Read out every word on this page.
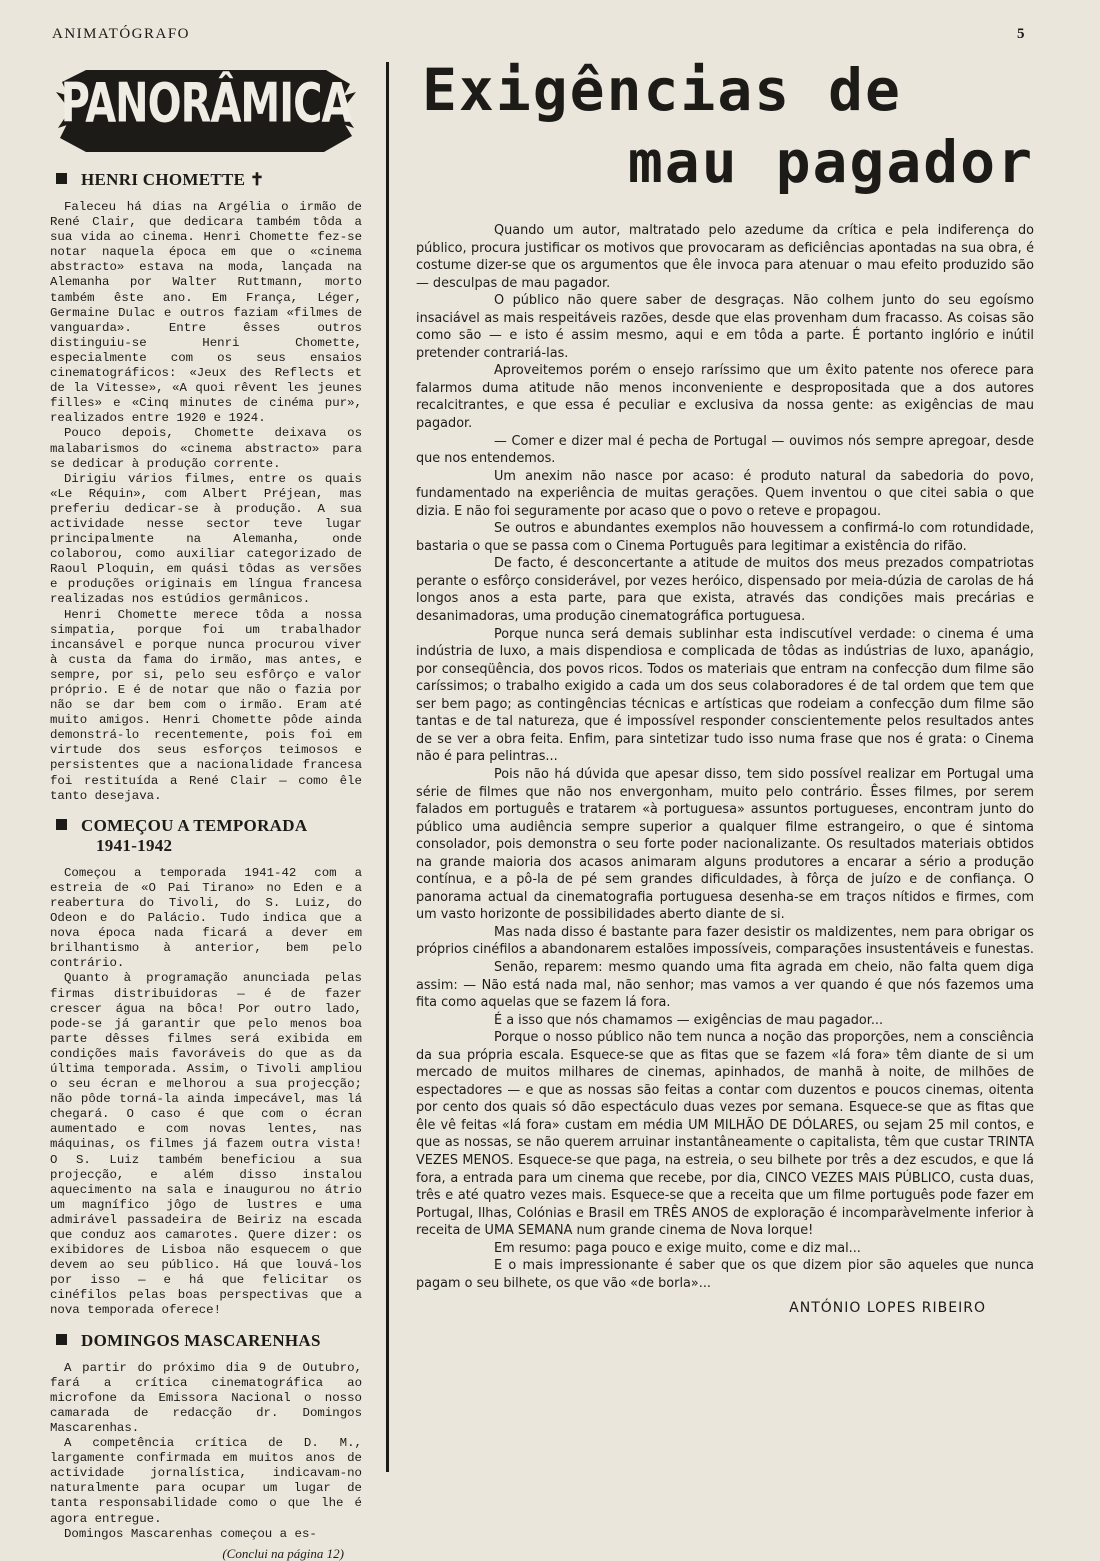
ANIMATÓGRAFO	5
PANORÂMICA
HENRI CHOMETTE ✝

Faleceu há dias na Argélia o irmão de René Clair, que dedicara também tôda a sua vida ao cinema. Henri Chomette fez-se notar naquela época em que o «cinema abstracto» estava na moda, lançada na Alemanha por Walter Ruttmann, morto também êste ano. Em França, Léger, Germaine Dulac e outros faziam «filmes de vanguarda». Entre êsses outros distinguiu-se Henri Chomette, especialmente com os seus ensaios cinematográficos: «Jeux des Reflects et de la Vitesse», «A quoi rêvent les jeunes filles» e «Cinq minutes de cinéma pur», realizados entre 1920 e 1924.

Pouco depois, Chomette deixava os malabarismos do «cinema abstracto» para se dedicar à produção corrente.

Dirigiu vários filmes, entre os quais «Le Réquin», com Albert Préjean, mas preferiu dedicar-se à produção. A sua actividade nesse sector teve lugar principalmente na Alemanha, onde colaborou, como auxiliar categorizado de Raoul Ploquin, em quási tôdas as versões e produções originais em língua francesa realizadas nos estúdios germânicos.

Henri Chomette merece tôda a nossa simpatia, porque foi um trabalhador incansável e porque nunca procurou viver à custa da fama do irmão, mas antes, e sempre, por si, pelo seu esfôrço e valor próprio. E é de notar que não o fazia por não se dar bem com o irmão. Eram até muito amigos. Henri Chomette pôde ainda demonstrá-lo recentemente, pois foi em virtude dos seus esforços teimosos e persistentes que a nacionalidade francesa foi restituída a René Clair — como êle tanto desejava.

COMEÇOU A TEMPORADA
1941-1942

Começou a temporada 1941-42 com a estreia de «O Pai Tirano» no Eden e a reabertura do Tivoli, do S. Luiz, do Odeon e do Palácio. Tudo indica que a nova época nada ficará a dever em brilhantismo à anterior, bem pelo contrário.

Quanto à programação anunciada pelas firmas distribuidoras — é de fazer crescer água na bôca! Por outro lado, pode-se já garantir que pelo menos boa parte dêsses filmes será exibida em condições mais favoráveis do que as da última temporada. Assim, o Tivoli ampliou o seu écran e melhorou a sua projecção; não pôde torná-la ainda impecável, mas lá chegará. O caso é que com o écran aumentado e com novas lentes, nas máquinas, os filmes já fazem outra vista! O S. Luiz também beneficiou a sua projecção, e além disso instalou aquecimento na sala e inaugurou no átrio um magnífico jôgo de lustres e uma admirável passadeira de Beiriz na escada que conduz aos camarotes. Quere dizer: os exibidores de Lisboa não esquecem o que devem ao seu público. Há que louvá-los por isso — e há que felicitar os cinéfilos pelas boas perspectivas que a nova temporada oferece!

DOMINGOS MASCARENHAS

A partir do próximo dia 9 de Outubro, fará a crítica cinematográfica ao microfone da Emissora Nacional o nosso camarada de redacção dr. Domingos Mascarenhas.

A competência crítica de D. M., largamente confirmada em muitos anos de actividade jornalística, indicavam-no naturalmente para ocupar um lugar de tanta responsabilidade como o que lhe é agora entregue.

Domingos Mascarenhas começou a es-

(Conclui na página 12)
Exigências de
mau pagador

Quando um autor, maltratado pelo azedume da crítica e pela indiferença do público, procura justificar os motivos que provocaram as deficiências apontadas na sua obra, é costume dizer-se que os argumentos que êle invoca para atenuar o mau efeito produzido são — desculpas de mau pagador.

O público não quere saber de desgraças. Não colhem junto do seu egoísmo insaciável as mais respeitáveis razões, desde que elas provenham dum fracasso. As coisas são como são — e isto é assim mesmo, aqui e em tôda a parte. É portanto inglório e inútil pretender contrariá-las.

Aproveitemos porém o ensejo raríssimo que um êxito patente nos oferece para falarmos duma atitude não menos inconveniente e despropositada que a dos autores recalcitrantes, e que essa é peculiar e exclusiva da nossa gente: as exigências de mau pagador.

— Comer e dizer mal é pecha de Portugal — ouvimos nós sempre apregoar, desde que nos entendemos.

Um anexim não nasce por acaso: é produto natural da sabedoria do povo, fundamentado na experiência de muitas gerações. Quem inventou o que citei sabia o que dizia. E não foi seguramente por acaso que o povo o reteve e propagou.

Se outros e abundantes exemplos não houvessem a confirmá-lo com rotundidade, bastaria o que se passa com o Cinema Português para legitimar a existência do rifão.

De facto, é desconcertante a atitude de muitos dos meus prezados compatriotas perante o esfôrço considerável, por vezes heróico, dispensado por meia-dúzia de carolas de há longos anos a esta parte, para que exista, através das condições mais precárias e desanimadoras, uma produção cinematográfica portuguesa.

Porque nunca será demais sublinhar esta indiscutível verdade: o cinema é uma indústria de luxo, a mais dispendiosa e complicada de tôdas as indústrias de luxo, apanágio, por conseqüência, dos povos ricos. Todos os materiais que entram na confecção dum filme são caríssimos; o trabalho exigido a cada um dos seus colaboradores é de tal ordem que tem que ser bem pago; as contingências técnicas e artísticas que rodeiam a confecção dum filme são tantas e de tal natureza, que é impossível responder conscientemente pelos resultados antes de se ver a obra feita. Enfim, para sintetizar tudo isso numa frase que nos é grata: o Cinema não é para pelintras...

Pois não há dúvida que apesar disso, tem sido possível realizar em Portugal uma série de filmes que não nos envergonham, muito pelo contrário. Êsses filmes, por serem falados em português e tratarem «à portuguesa» assuntos portugueses, encontram junto do público uma audiência sempre superior a qualquer filme estrangeiro, o que é sintoma consolador, pois demonstra o seu forte poder nacionalizante. Os resultados materiais obtidos na grande maioria dos acasos animaram alguns produtores a encarar a sério a produção contínua, e a pô-la de pé sem grandes dificuldades, à fôrça de juízo e de confiança. O panorama actual da cinematografia portuguesa desenha-se em traços nítidos e firmes, com um vasto horizonte de possibilidades aberto diante de si.

Mas nada disso é bastante para fazer desistir os maldizentes, nem para obrigar os próprios cinéfilos a abandonarem estalões impossíveis, comparações insustentáveis e funestas.

Senão, reparem: mesmo quando uma fita agrada em cheio, não falta quem diga assim: — Não está nada mal, não senhor; mas vamos a ver quando é que nós fazemos uma fita como aquelas que se fazem lá fora.

É a isso que nós chamamos — exigências de mau pagador...

Porque o nosso público não tem nunca a noção das proporções, nem a consciência da sua própria escala. Esquece-se que as fitas que se fazem «lá fora» têm diante de si um mercado de muitos milhares de cinemas, apinhados, de manhã à noite, de milhões de espectadores — e que as nossas são feitas a contar com duzentos e poucos cinemas, oitenta por cento dos quais só dão espectáculo duas vezes por semana. Esquece-se que as fitas que êle vê feitas «lá fora» custam em média UM MILHÃO DE DÓLARES, ou sejam 25 mil contos, e que as nossas, se não querem arruinar instantâneamente o capitalista, têm que custar TRINTA VEZES MENOS. Esquece-se que paga, na estreia, o seu bilhete por três a dez escudos, e que lá fora, a entrada para um cinema que recebe, por dia, CINCO VEZES MAIS PÚBLICO, custa duas, três e até quatro vezes mais. Esquece-se que a receita que um filme português pode fazer em Portugal, Ilhas, Colónias e Brasil em TRÊS ANOS de exploração é incomparàvelmente inferior à receita de UMA SEMANA num grande cinema de Nova Iorque!

Em resumo: paga pouco e exige muito, come e diz mal...

E o mais impressionante é saber que os que dizem pior são aqueles que nunca pagam o seu bilhete, os que vão «de borla»...

ANTÓNIO LOPES RIBEIRO
